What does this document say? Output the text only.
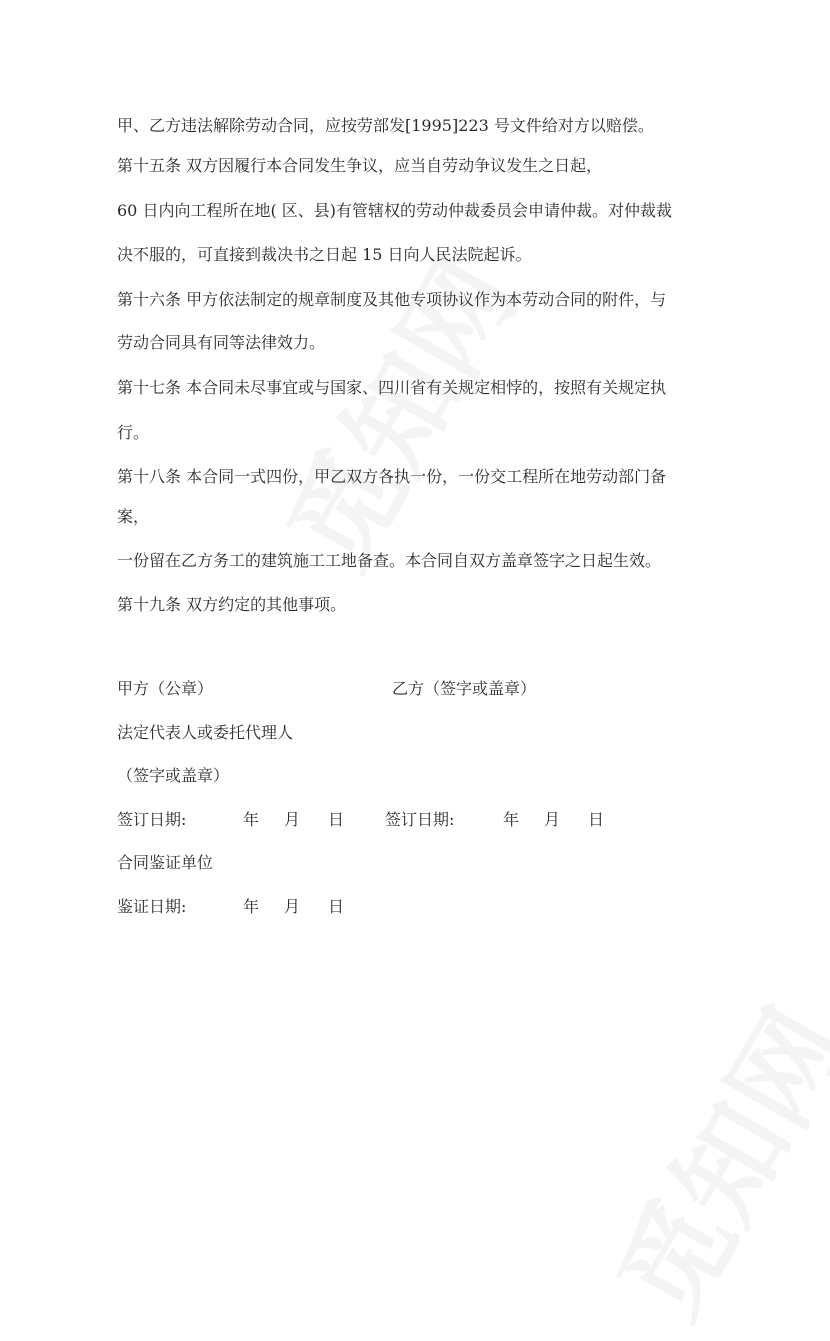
甲、乙方违法解除劳动合同，应按劳部发[1995]223 号文件给对方以赔偿。
第十五条 双方因履行本合同发生争议，应当自劳动争议发生之日起，
60 日内向工程所在地( 区、县)有管辖权的劳动仲裁委员会申请仲裁。对仲裁裁
决不服的，可直接到裁决书之日起 15 日向人民法院起诉。
第十六条 甲方依法制定的规章制度及其他专项协议作为本劳动合同的附件，与
劳动合同具有同等法律效力。
第十七条 本合同未尽事宜或与国家、四川省有关规定相悖的，按照有关规定执
行。
第十八条 本合同一式四份，甲乙双方各执一份，一份交工程所在地劳动部门备
案，
一份留在乙方务工的建筑施工工地备查。本合同自双方盖章签字之日起生效。
第十九条 双方约定的其他事项。
甲方（公章）	乙方（签字或盖章）
法定代表人或委托代理人
（签字或盖章）
签订日期:	年 月 日	签订日期:	年 月 日
合同鉴证单位
鉴证日期:	年 月 日
